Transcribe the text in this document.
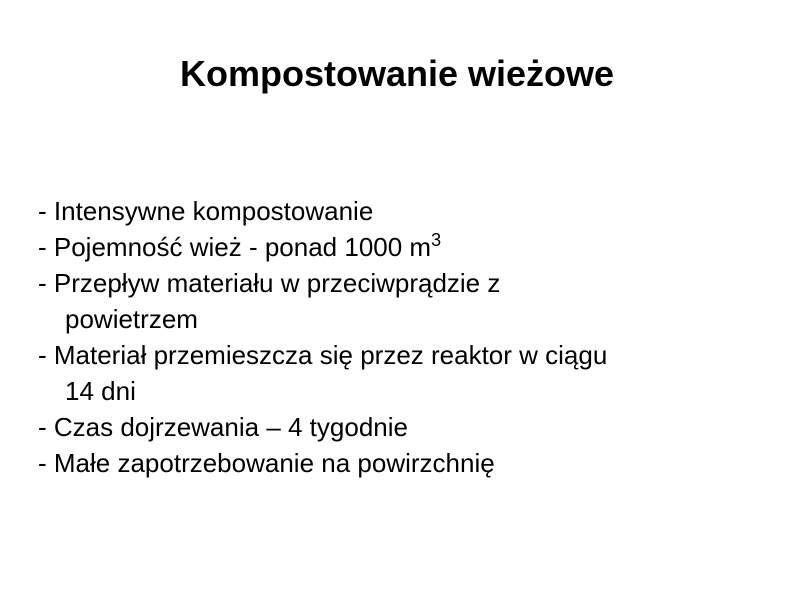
Kompostowanie wieżowe
- Intensywne kompostowanie
- Pojemność wież - ponad 1000 $m^3$
- Przepływ materiału w przeciwprądzie z
powietrzem
- Materiał przemieszcza się przez reaktor w ciągu
14 dni
- Czas dojrzewania – 4 tygodnie
- Małe zapotrzebowanie na powirzchnię
